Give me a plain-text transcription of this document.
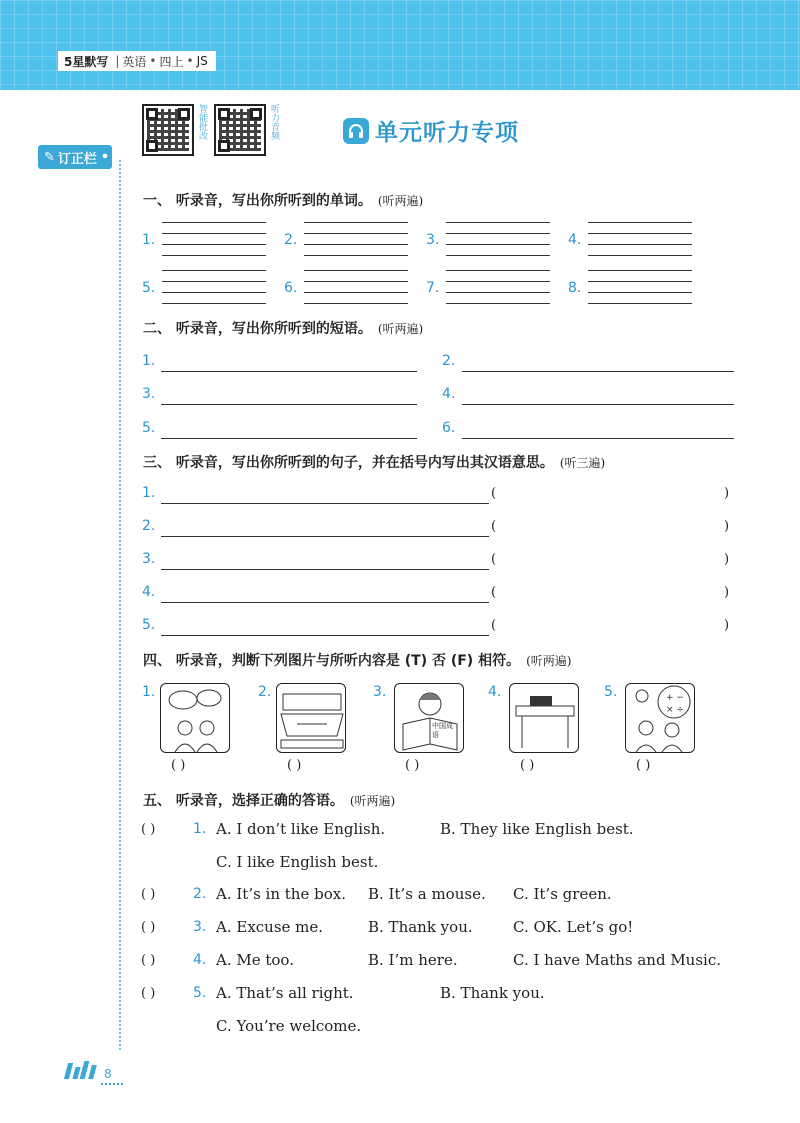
5星默写 | 英语 • 四上 • JS
智能批改	听力音频	单元听力专项
✎ 订正栏 •
一、 听录音，写出你所听到的单词。 (听两遍)
1.	2.	3.	4.
5.	6.	7.	8.
二、 听录音，写出你所听到的短语。 (听两遍)
1.	2.
3.	4.
5.	6.
三、 听录音，写出你所听到的句子，并在括号内写出其汉语意思。 (听三遍)
1.	(	)
2.	(	)
3.	(	)
4.	(	)
5.	(	)
四、 听录音，判断下列图片与所听内容是 (T) 否 (F) 相符。 (听两遍)
1.
( )
2.
( )
3.
中国成语
( )
4.
( )
5.	+ −
× ÷
( )
五、 听录音，选择正确的答语。 (听两遍)
( )	1. A. I don’t like English.	B. They like English best.
C. I like English best.
( )	2. A. It’s in the box. B. It’s a mouse. C. It’s green.
( )	3. A. Excuse me.	B. Thank you.	C. OK. Let’s go!
( )	4. A. Me too.	B. I’m here.	C. I have Maths and Music.
( )	5. A. That’s all right.	B. Thank you.
C. You’re welcome.
8
